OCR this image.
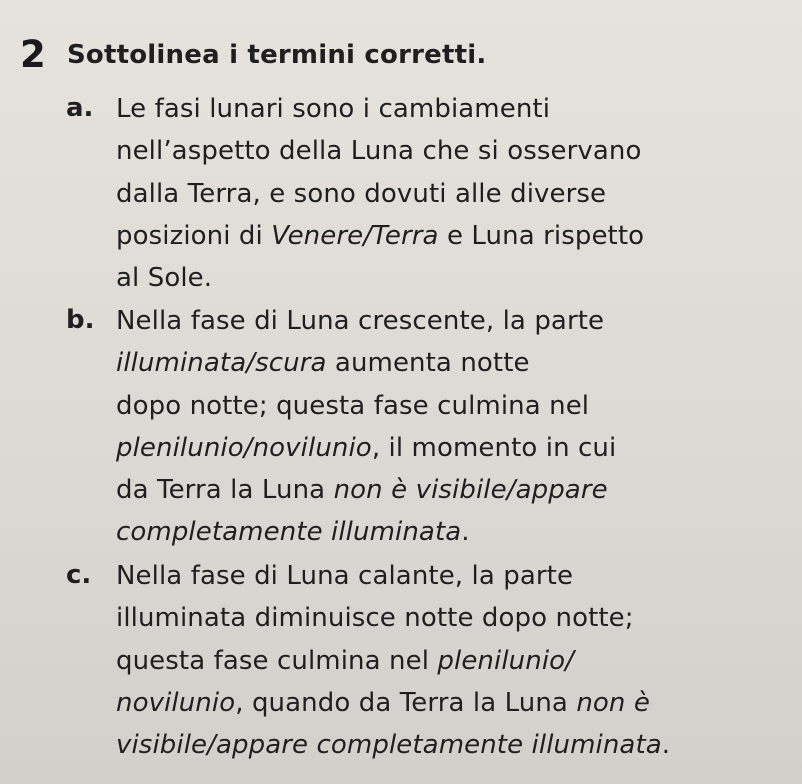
2 Sottolinea i termini corretti.
a. Le fasi lunari sono i cambiamenti
nell’aspetto della Luna che si osservano
dalla Terra, e sono dovuti alle diverse
posizioni di Venere/Terra e Luna rispetto
al Sole.
b. Nella fase di Luna crescente, la parte
illuminata/scura aumenta notte
dopo notte; questa fase culmina nel
plenilunio/novilunio, il momento in cui
da Terra la Luna non è visibile/appare
completamente illuminata.
c. Nella fase di Luna calante, la parte
illuminata diminuisce notte dopo notte;
questa fase culmina nel plenilunio/
novilunio, quando da Terra la Luna non è
visibile/appare completamente illuminata.
